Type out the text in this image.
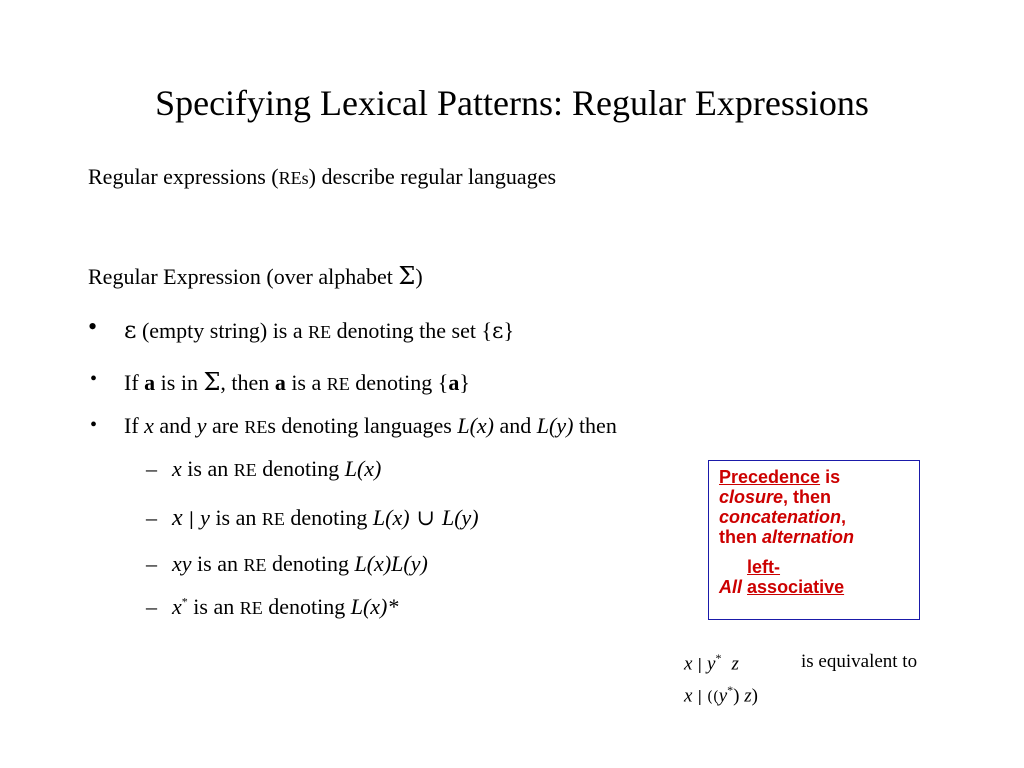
Specifying Lexical Patterns: Regular Expressions
Regular expressions (REs) describe regular languages
Regular Expression (over alphabet Σ)
• ε (empty string) is a RE denoting the set {ε}
• If a is in Σ, then a is a RE denoting {a}
• If x and y are REs denoting languages L(x) and L(y) then
– x is an RE denoting L(x)
– x | y is an RE denoting L(x) ∪ L(y)
– xy is an RE denoting L(x)L(y)
– x* is an RE denoting L(x)*
Precedence is
closure, then
concatenation,
then alternation
All left-associative
x | y* z	is equivalent to
x | ((y*) z)
